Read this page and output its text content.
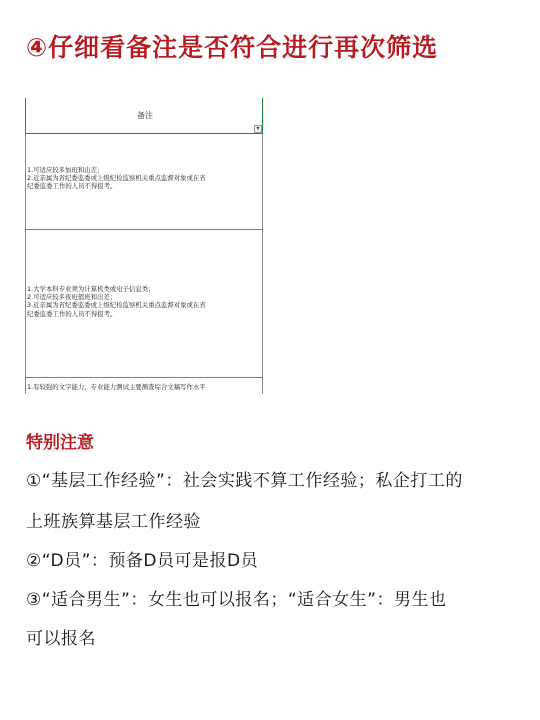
④仔细看备注是否符合进行再次筛选
备注
▾
1.可适应较多加班和出差；
2.近亲属为省纪委监委或上级纪检监察机关重点监督对象或在省
纪委监委工作的人员不得报考。
1.大学本科专业须为计算机类或电子信息类；
2.可适应较多夜班值班和出差；
3.近亲属为省纪委监委或上级纪检监察机关重点监督对象或在省
纪委监委工作的人员不得报考。
1.有较强的文字能力，专业能力测试主要测查综合文稿写作水平
特别注意
①“基层工作经验”：社会实践不算工作经验；私企打工的
上班族算基层工作经验
②“D员”：预备D员可是报D员
③“适合男生”：女生也可以报名；“适合女生”：男生也
可以报名
